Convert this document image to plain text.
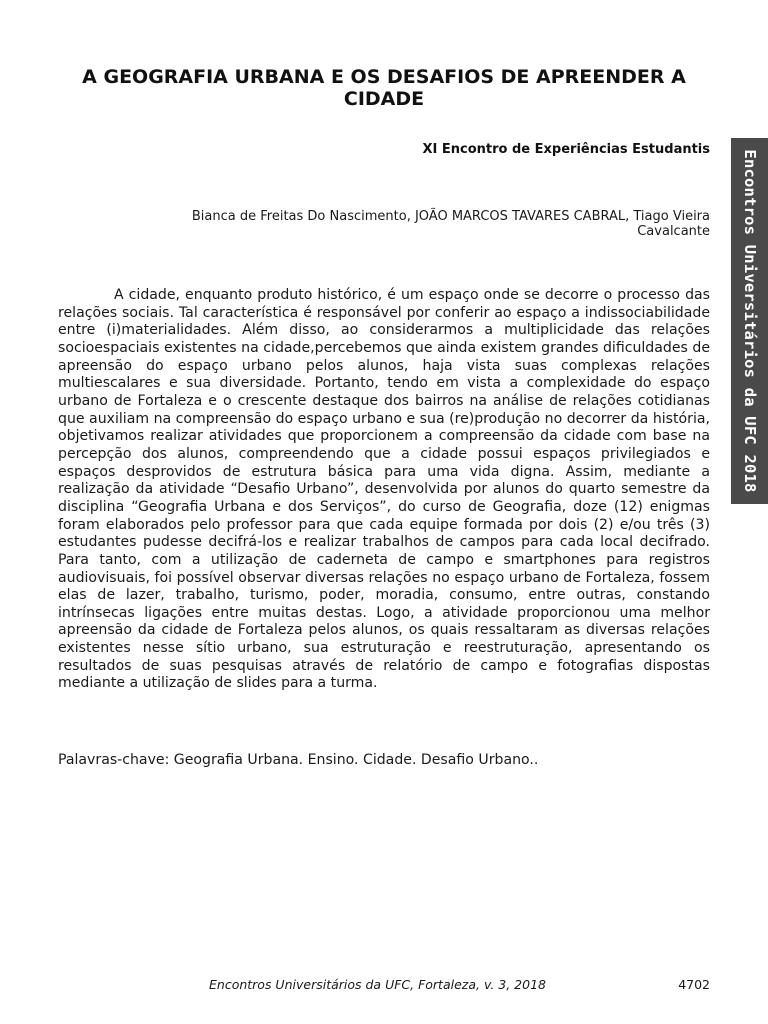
A GEOGRAFIA URBANA E OS DESAFIOS DE APREENDER A CIDADE
XI Encontro de Experiências Estudantis
Bianca de Freitas Do Nascimento, JOÃO MARCOS TAVARES CABRAL, Tiago Vieira Cavalcante

A cidade, enquanto produto histórico, é um espaço onde se decorre o processo das relações sociais. Tal característica é responsável por conferir ao espaço a indissociabilidade entre (i)materialidades. Além disso, ao considerarmos a multiplicidade das relações socioespaciais existentes na cidade,percebemos que ainda existem grandes dificuldades de apreensão do espaço urbano pelos alunos, haja vista suas complexas relações multiescalares e sua diversidade. Portanto, tendo em vista a complexidade do espaço urbano de Fortaleza e o crescente destaque dos bairros na análise de relações cotidianas que auxiliam na compreensão do espaço urbano e sua (re)produção no decorrer da história, objetivamos realizar atividades que proporcionem a compreensão da cidade com base na percepção dos alunos, compreendendo que a cidade possui espaços privilegiados e espaços desprovidos de estrutura básica para uma vida digna. Assim, mediante a realização da atividade “Desafio Urbano”, desenvolvida por alunos do quarto semestre da disciplina “Geografia Urbana e dos Serviços”, do curso de Geografia, doze (12) enigmas foram elaborados pelo professor para que cada equipe formada por dois (2) e/ou três (3) estudantes pudesse decifrá-los e realizar trabalhos de campos para cada local decifrado. Para tanto, com a utilização de caderneta de campo e smartphones para registros audiovisuais, foi possível observar diversas relações no espaço urbano de Fortaleza, fossem elas de lazer, trabalho, turismo, poder, moradia, consumo, entre outras, constando intrínsecas ligações entre muitas destas. Logo, a atividade proporcionou uma melhor apreensão da cidade de Fortaleza pelos alunos, os quais ressaltaram as diversas relações existentes nesse sítio urbano, sua estruturação e reestruturação, apresentando os resultados de suas pesquisas através de relatório de campo e fotografias dispostas mediante a utilização de slides para a turma.

Palavras-chave: Geografia Urbana. Ensino. Cidade. Desafio Urbano..
Encontros Universitários da UFC 2018
Encontros Universitários da UFC, Fortaleza, v. 3, 2018	4702
